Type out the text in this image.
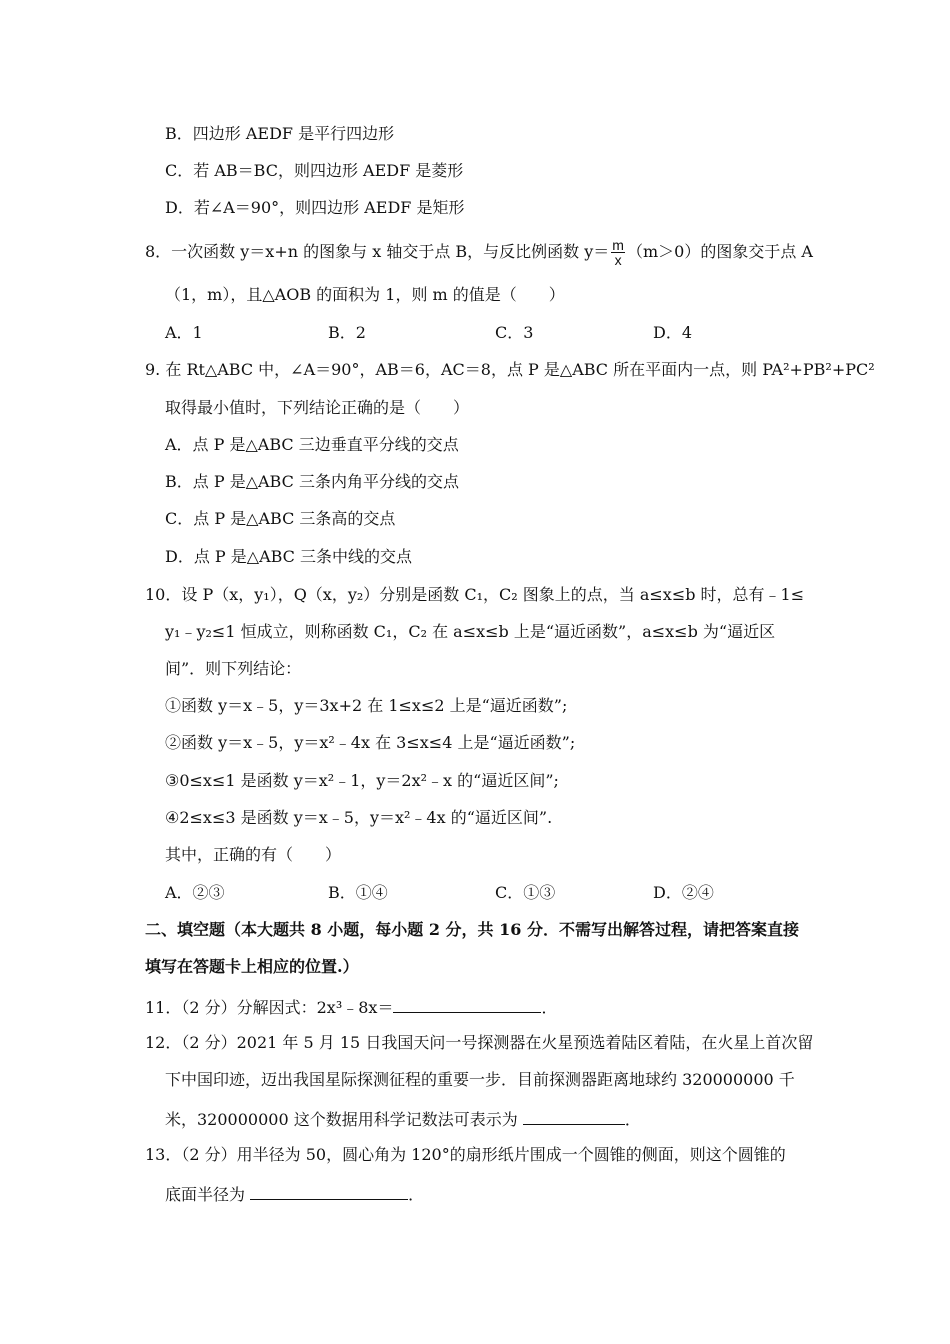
B．四边形 AEDF 是平行四边形
C．若 AB＝BC，则四边形 AEDF 是菱形
D．若∠A＝90°，则四边形 AEDF 是矩形
8．一次函数 y＝x+n 的图象与 x 轴交于点 B，与反比例函数 $y= \frac{m}{x} (m>0)$的图象交于点 A
（1，m），且△AOB 的面积为 1，则 m 的值是（　　）
A．1	B．2	C．3	D．4
9. 在 Rt△ABC 中，∠A＝90°，AB＝6，AC＝8，点 P 是△ABC 所在平面内一点，则 PA²+PB²+PC²
取得最小值时，下列结论正确的是（　　）
A．点 P 是△ABC 三边垂直平分线的交点
B．点 P 是△ABC 三条内角平分线的交点
C．点 P 是△ABC 三条高的交点
D．点 P 是△ABC 三条中线的交点
10．设 P（x，y₁），Q（x，y₂）分别是函数 C₁，C₂ 图象上的点，当 a≤x≤b 时，总有﹣1≤
y₁﹣y₂≤1 恒成立，则称函数 C₁，C₂ 在 a≤x≤b 上是“逼近函数”，a≤x≤b 为“逼近区
间”．则下列结论：
①函数 y＝x﹣5，y＝3x+2 在 1≤x≤2 上是“逼近函数”;
②函数 y＝x﹣5，y＝x²﹣4x 在 3≤x≤4 上是“逼近函数”;
③0≤x≤1 是函数 y＝x²﹣1，y＝2x²﹣x 的“逼近区间”;
④2≤x≤3 是函数 y＝x﹣5，y＝x²﹣4x 的“逼近区间”.
其中，正确的有（　　）
A．②③	B．①④	C．①③	D．②④
二、填空题（本大题共 8 小题，每小题 2 分，共 16 分．不需写出解答过程，请把答案直接
填写在答题卡上相应的位置.）
11．（2 分）分解因式：2x³﹣8x＝	．
12．（2 分）2021 年 5 月 15 日我国天问一号探测器在火星预选着陆区着陆，在火星上首次留
下中国印迹，迈出我国星际探测征程的重要一步．目前探测器距离地球约 320000000 千
米，320000000 这个数据用科学记数法可表示为	．
13．（2 分）用半径为 50，圆心角为 120°的扇形纸片围成一个圆锥的侧面，则这个圆锥的
底面半径为	．
